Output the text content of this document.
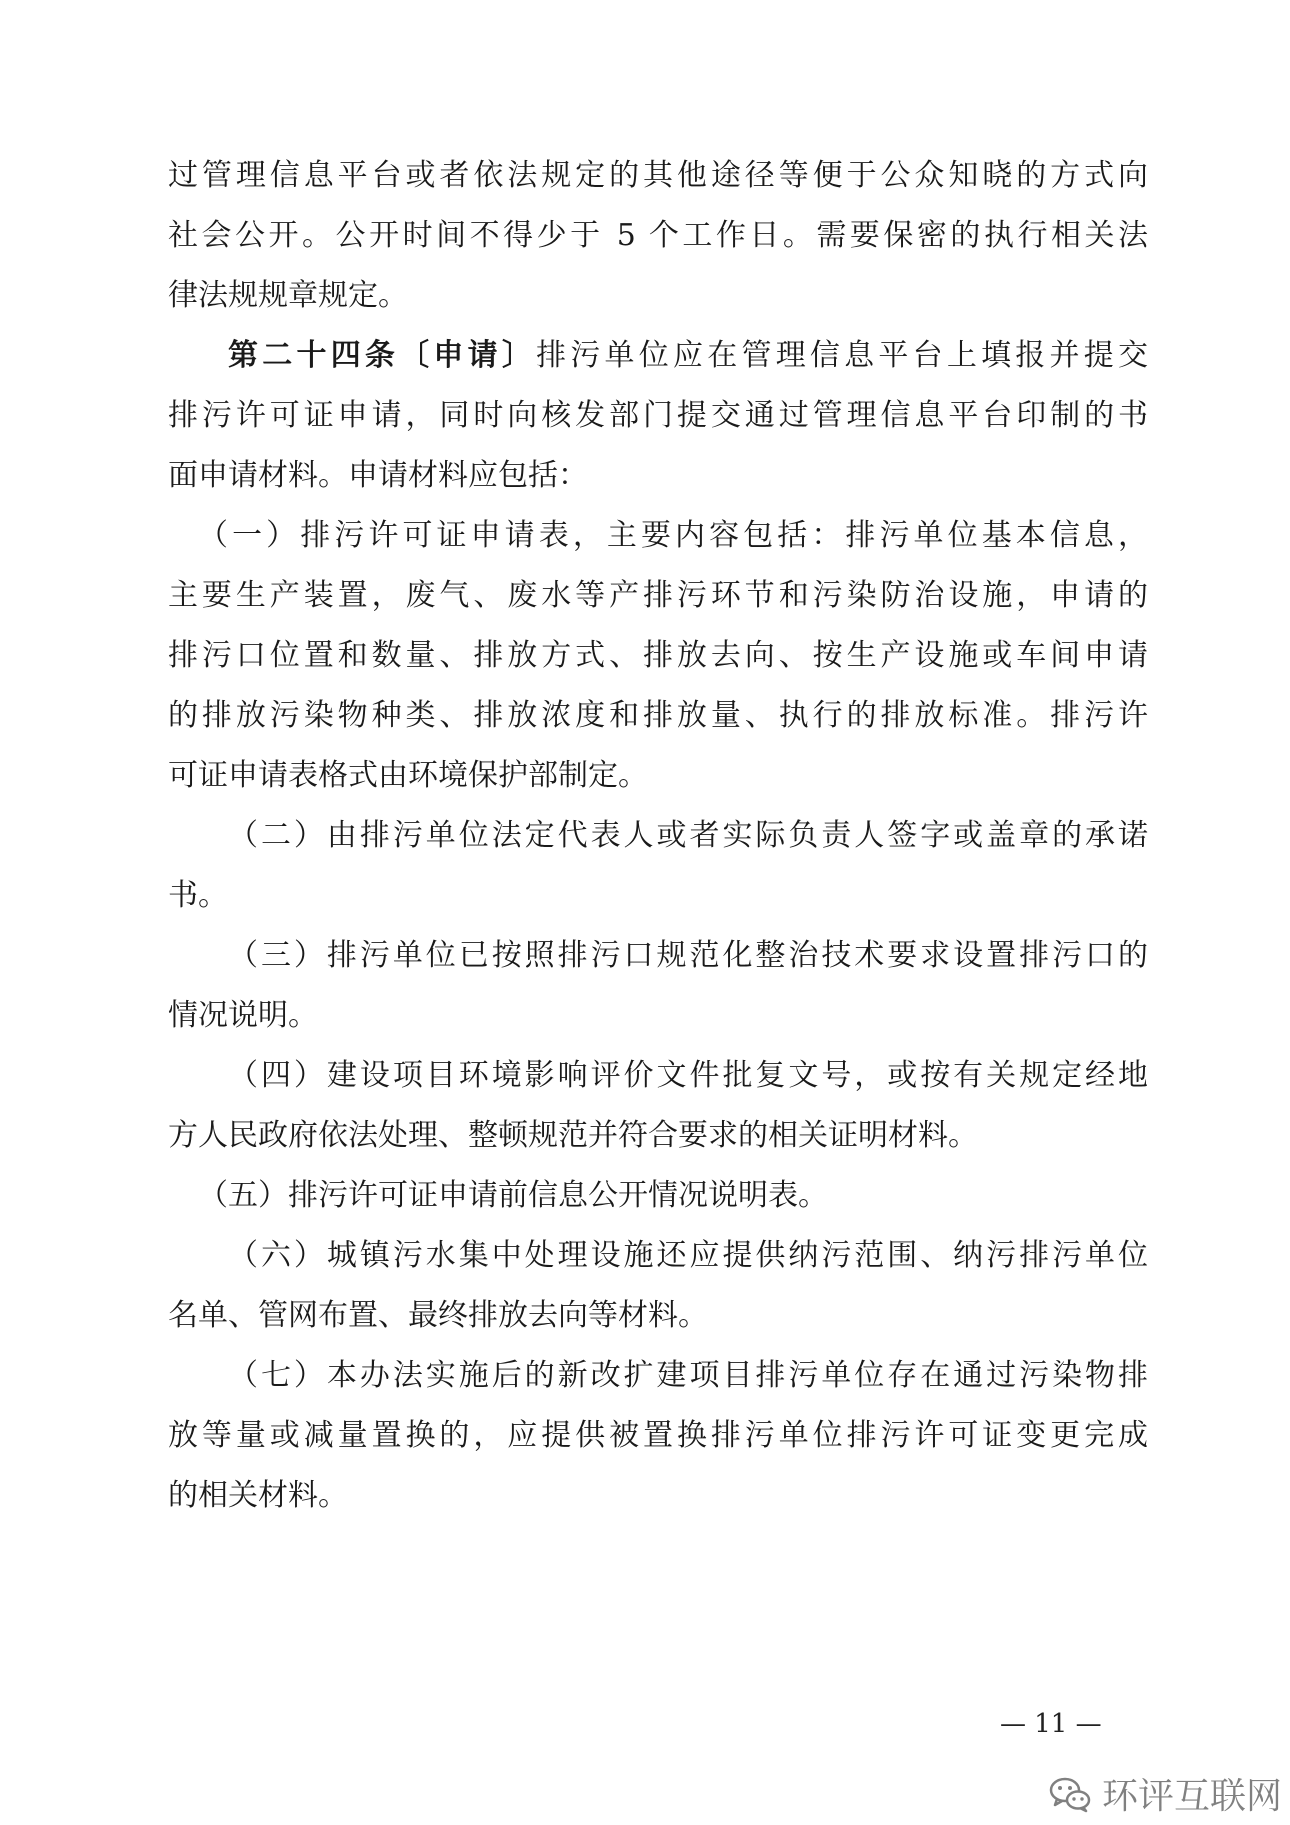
过管理信息平台或者依法规定的其他途径等便于公众知晓的方式向
社会公开。公开时间不得少于 5 个工作日。需要保密的执行相关法
律法规规章规定。
第二十四条〔申请〕排污单位应在管理信息平台上填报并提交
排污许可证申请，同时向核发部门提交通过管理信息平台印制的书
面申请材料。申请材料应包括：
（一）排污许可证申请表，主要内容包括：排污单位基本信息，
主要生产装置，废气、废水等产排污环节和污染防治设施，申请的
排污口位置和数量、排放方式、排放去向、按生产设施或车间申请
的排放污染物种类、排放浓度和排放量、执行的排放标准。排污许
可证申请表格式由环境保护部制定。
（二）由排污单位法定代表人或者实际负责人签字或盖章的承诺
书。
（三）排污单位已按照排污口规范化整治技术要求设置排污口的
情况说明。
（四）建设项目环境影响评价文件批复文号，或按有关规定经地
方人民政府依法处理、整顿规范并符合要求的相关证明材料。
（五）排污许可证申请前信息公开情况说明表。
（六）城镇污水集中处理设施还应提供纳污范围、纳污排污单位
名单、管网布置、最终排放去向等材料。
（七）本办法实施后的新改扩建项目排污单位存在通过污染物排
放等量或减量置换的，应提供被置换排污单位排污许可证变更完成
的相关材料。
— 11 —
环评互联网
